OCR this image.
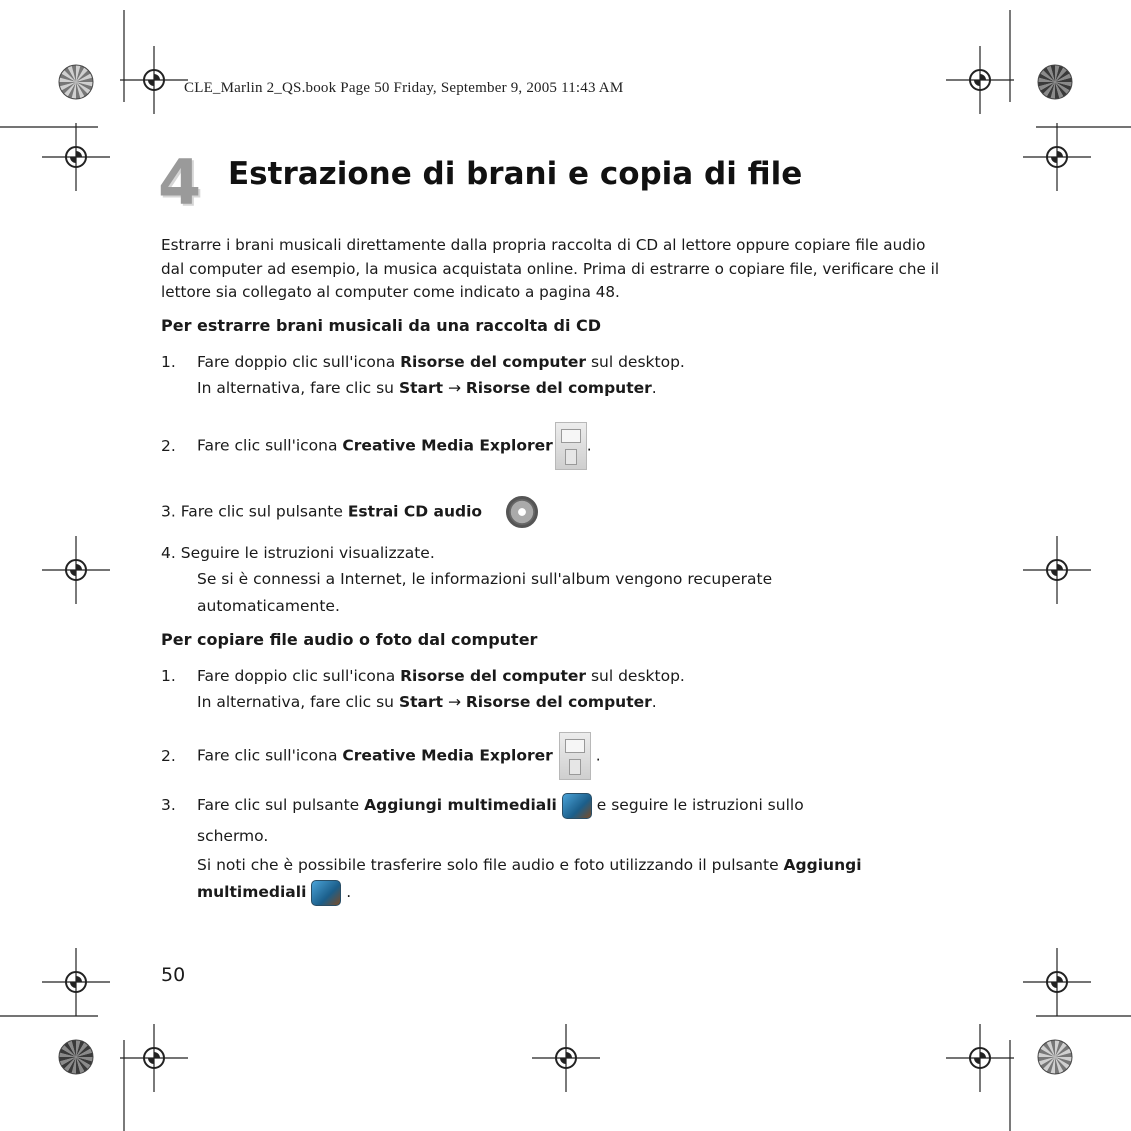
CLE_Marlin 2_QS.book Page 50 Friday, September 9, 2005 11:43 AM
4 Estrazione di brani e copia di file
Estrarre i brani musicali direttamente dalla propria raccolta di CD al lettore oppure copiare file audio dal computer ad esempio, la musica acquistata online. Prima di estrarre o copiare file, verificare che il lettore sia collegato al computer come indicato a pagina 48.
Per estrarre brani musicali da una raccolta di CD
1. Fare doppio clic sull'icona Risorse del computer sul desktop.
In alternativa, fare clic su Start → Risorse del computer.
2. Fare clic sull'icona Creative Media Explorer .
3. Fare clic sul pulsante Estrai CD audio
4. Seguire le istruzioni visualizzate.
Se si è connessi a Internet, le informazioni sull'album vengono recuperate automaticamente.
Per copiare file audio o foto dal computer
1. Fare doppio clic sull'icona Risorse del computer sul desktop.
In alternativa, fare clic su Start → Risorse del computer.
2. Fare clic sull'icona Creative Media Explorer .
3. Fare clic sul pulsante Aggiungi multimediali  e seguire le istruzioni sullo
schermo.
Si noti che è possibile trasferire solo file audio e foto utilizzando il pulsante Aggiungi multimediali  .
50
